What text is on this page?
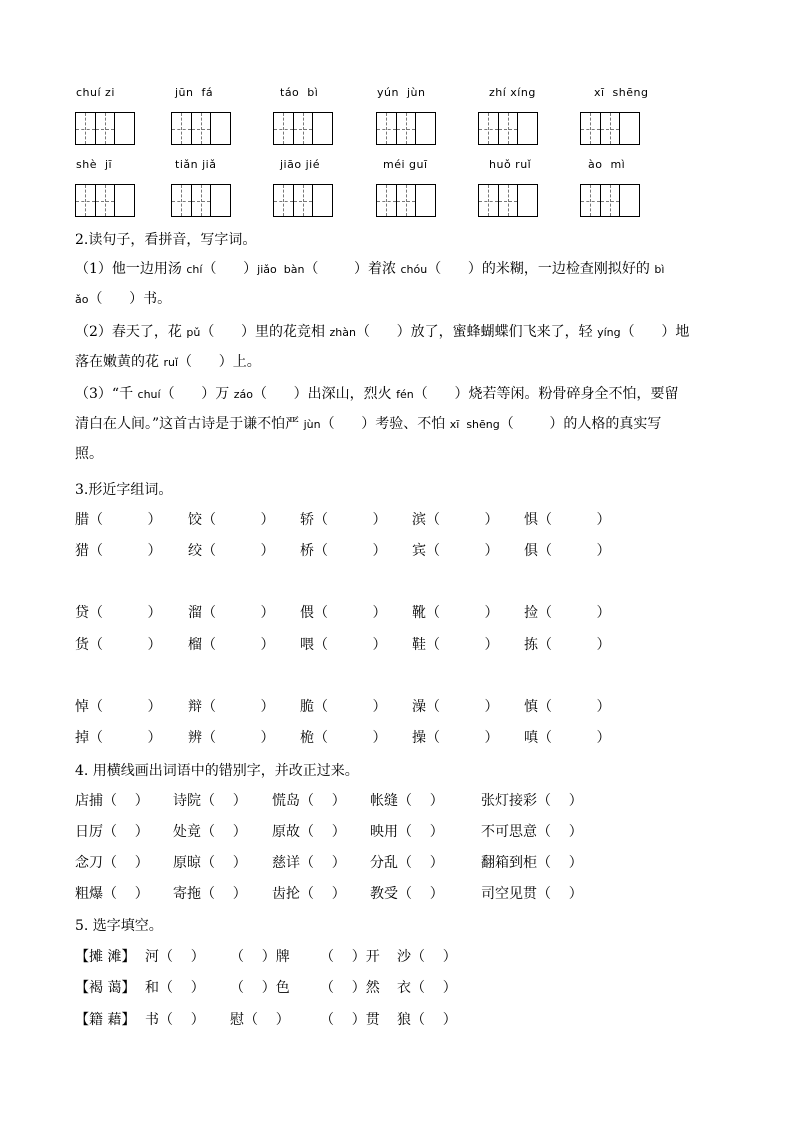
chuí zi	jūn  fá	táo  bì	yún  jùn	zhí xíng	xī  shēng
shè  jī	tiǎn jiǎ	jiāo jié	méi guī	huǒ ruǐ	ào  mì
2.读句子，看拼音，写字词。
（1）他一边用汤 chí（      ）jiǎo  bàn（        ）着浓 chóu（      ）的米糊，一边检查刚拟好的 bì
ǎo（      ）书。
（2）春天了，花 pǔ（      ）里的花竞相 zhàn（      ）放了，蜜蜂蝴蝶们飞来了，轻 yíng（      ）地
落在嫩黄的花 ruǐ（      ）上。
（3）“千 chuí（      ）万 záo（      ）出深山，烈火 fén（      ）烧若等闲。粉骨碎身全不怕，要留
清白在人间。”这首古诗是于谦不怕严 jùn（      ）考验、不怕 xī  shēng（        ）的人格的真实写
照。
3.形近字组词。
腊（          ） 饺（          ） 轿（          ） 滨（          ） 惧（          ）
猎（          ） 绞（          ） 桥（          ） 宾（          ） 俱（          ）
贷（          ） 溜（          ） 偎（          ） 靴（          ） 捡（          ）
货（          ） 榴（          ） 喂（          ） 鞋（          ） 拣（          ）
悼（          ） 辩（          ） 脆（          ） 澡（          ） 慎（          ）
掉（          ） 辨（          ） 桅（          ） 操（          ） 嗔（          ）
4. 用横线画出词语中的错别字，并改正过来。
店捕（    ） 诗院（    ） 慌岛（    ） 帐缝（    ）	张灯接彩（    ）
日厉（    ） 处竟（    ） 原故（    ） 映用（    ）	不可思意（    ）
念刀（    ） 原晾（    ） 慈详（    ） 分乱（    ）	翻箱到柜（    ）
粗爆（    ） 寄拖（    ） 齿抡（    ） 教受（    ）	司空见贯（    ）
5. 选字填空。
【摊 滩】 河（    ） （    ）牌 （    ）开 沙（    ）
【褐 蔼】 和（    ） （    ）色 （    ）然 衣（    ）
【籍 藉】 书（    ） 慰（    ） （    ）贯 狼（    ）
